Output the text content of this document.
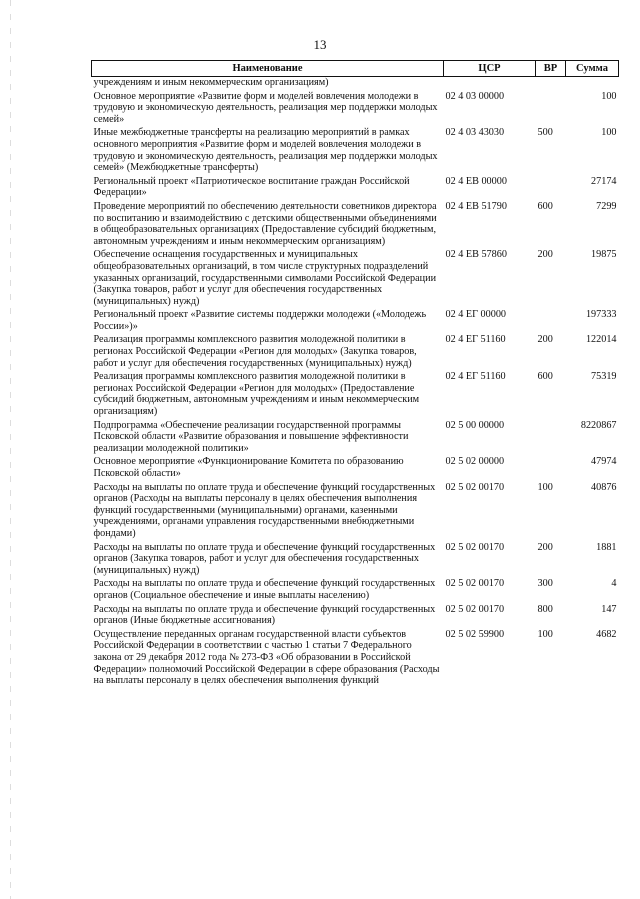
13
Наименование	ЦСР	ВР	Сумма
учреждениям и иным некоммерческим организациям)			
Основное мероприятие «Развитие форм и моделей вовлечения молодежи в трудовую и экономическую деятельность, реализация мер поддержки молодых семей»	02 4 03 00000		100
Иные межбюджетные трансферты на реализацию мероприятий в рамках основного мероприятия «Развитие форм и моделей вовлечения молодежи в трудовую и экономическую деятельность, реализация мер поддержки молодых семей» (Межбюджетные трансферты)	02 4 03 43030	500	100
Региональный проект «Патриотическое воспитание граждан Российской Федерации»	02 4 ЕВ 00000		27174
Проведение мероприятий по обеспечению деятельности советников директора по воспитанию и взаимодействию с детскими общественными объединениями в общеобразовательных организациях (Предоставление субсидий бюджетным, автономным учреждениям и иным некоммерческим организациям)	02 4 ЕВ 51790	600	7299
Обеспечение оснащения государственных и муниципальных общеобразовательных организаций, в том числе структурных подразделений указанных организаций, государственными символами Российской Федерации (Закупка товаров, работ и услуг для обеспечения государственных (муниципальных) нужд)	02 4 ЕВ 57860	200	19875
Региональный проект «Развитие системы поддержки молодежи («Молодежь России»)»	02 4 ЕГ 00000		197333
Реализация программы комплексного развития молодежной политики в регионах Российской Федерации «Регион для молодых» (Закупка товаров, работ и услуг для обеспечения государственных (муниципальных) нужд)	02 4 ЕГ 51160	200	122014
Реализация программы комплексного развития молодежной политики в регионах Российской Федерации «Регион для молодых» (Предоставление субсидий бюджетным, автономным учреждениям и иным некоммерческим организациям)	02 4 ЕГ 51160	600	75319
Подпрограмма «Обеспечение реализации государственной программы Псковской области «Развитие образования и повышение эффективности реализации молодежной политики»	02 5 00 00000		8220867
Основное мероприятие «Функционирование Комитета по образованию Псковской области»	02 5 02 00000		47974
Расходы на выплаты по оплате труда и обеспечение функций государственных органов (Расходы на выплаты персоналу в целях обеспечения выполнения функций государственными (муниципальными) органами, казенными учреждениями, органами управления государственными внебюджетными фондами)	02 5 02 00170	100	40876
Расходы на выплаты по оплате труда и обеспечение функций государственных органов (Закупка товаров, работ и услуг для обеспечения государственных (муниципальных) нужд)	02 5 02 00170	200	1881
Расходы на выплаты по оплате труда и обеспечение функций государственных органов (Социальное обеспечение и иные выплаты населению)	02 5 02 00170	300	4
Расходы на выплаты по оплате труда и обеспечение функций государственных органов (Иные бюджетные ассигнования)	02 5 02 00170	800	147
Осуществление переданных органам государственной власти субъектов Российской Федерации в соответствии с частью 1 статьи 7 Федерального закона от 29 декабря 2012 года № 273-ФЗ «Об образовании в Российской Федерации» полномочий Российской Федерации в сфере образования (Расходы на выплаты персоналу в целях обеспечения выполнения функций	02 5 02 59900	100	4682
